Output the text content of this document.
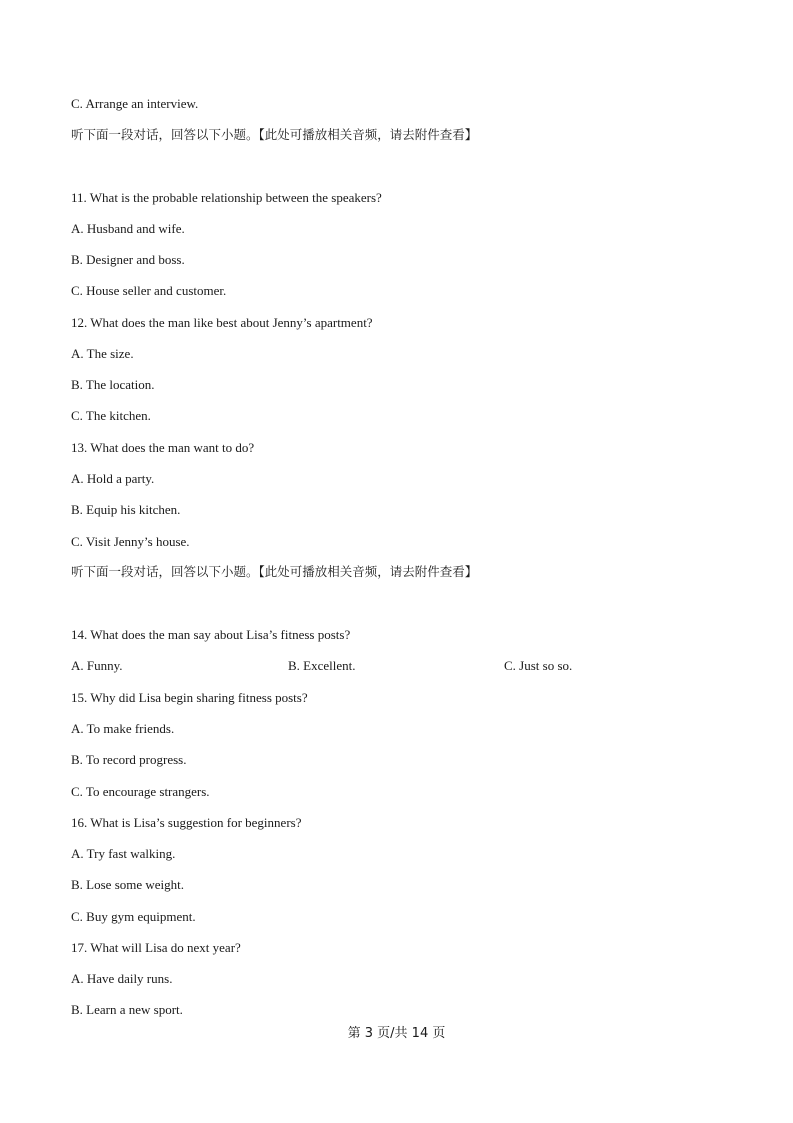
C. Arrange an interview.
听下面一段对话，回答以下小题。【此处可播放相关音频，请去附件查看】
11. What is the probable relationship between the speakers?
A. Husband and wife.
B. Designer and boss.
C. House seller and customer.
12. What does the man like best about Jenny’s apartment?
A. The size.
B. The location.
C. The kitchen.
13. What does the man want to do?
A. Hold a party.
B. Equip his kitchen.
C. Visit Jenny’s house.
听下面一段对话，回答以下小题。【此处可播放相关音频，请去附件查看】
14. What does the man say about Lisa’s fitness posts?
A. Funny.	B. Excellent.	C. Just so so.
15. Why did Lisa begin sharing fitness posts?
A. To make friends.
B. To record progress.
C. To encourage strangers.
16. What is Lisa’s suggestion for beginners?
A. Try fast walking.
B. Lose some weight.
C. Buy gym equipment.
17. What will Lisa do next year?
A. Have daily runs.
B. Learn a new sport.
第 3 页/共 14 页
